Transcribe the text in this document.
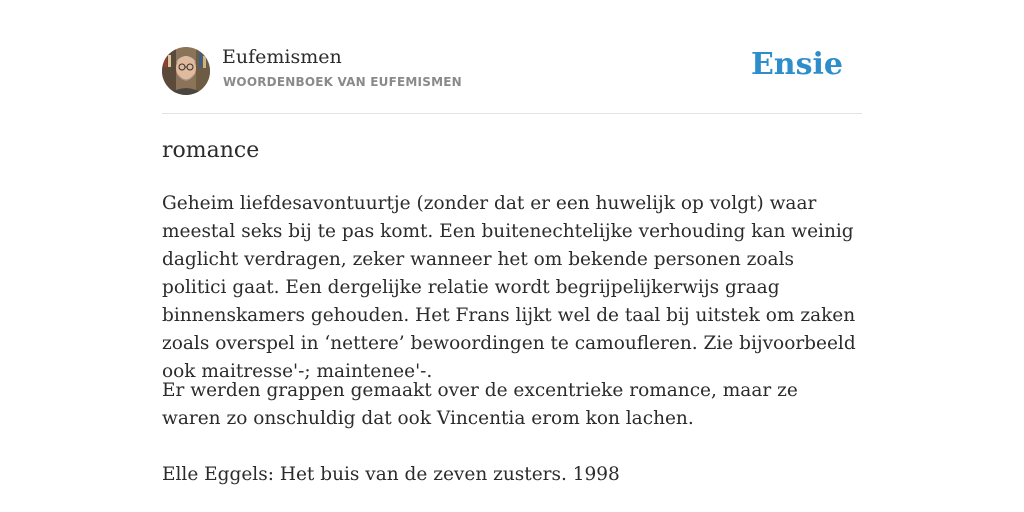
Eufemismen
WOORDENBOEK VAN EUFEMISMEN	Ensie
romance

Geheim liefdesavontuurtje (zonder dat er een huwelijk op volgt) waar meestal seks bij te pas komt. Een buitenechtelijke verhouding kan weinig daglicht verdragen, zeker wanneer het om bekende personen zoals politici gaat. Een dergelijke relatie wordt begrijpelijkerwijs graag binnenskamers gehouden. Het Frans lijkt wel de taal bij uitstek om zaken zoals overspel in ‘nettere’ bewoordingen te camoufleren. Zie bijvoorbeeld ook maitresse'-; maintenee'-.

Er werden grappen gemaakt over de excentrieke romance, maar ze waren zo onschuldig dat ook Vincentia erom kon lachen.

Elle Eggels: Het buis van de zeven zusters. 1998
